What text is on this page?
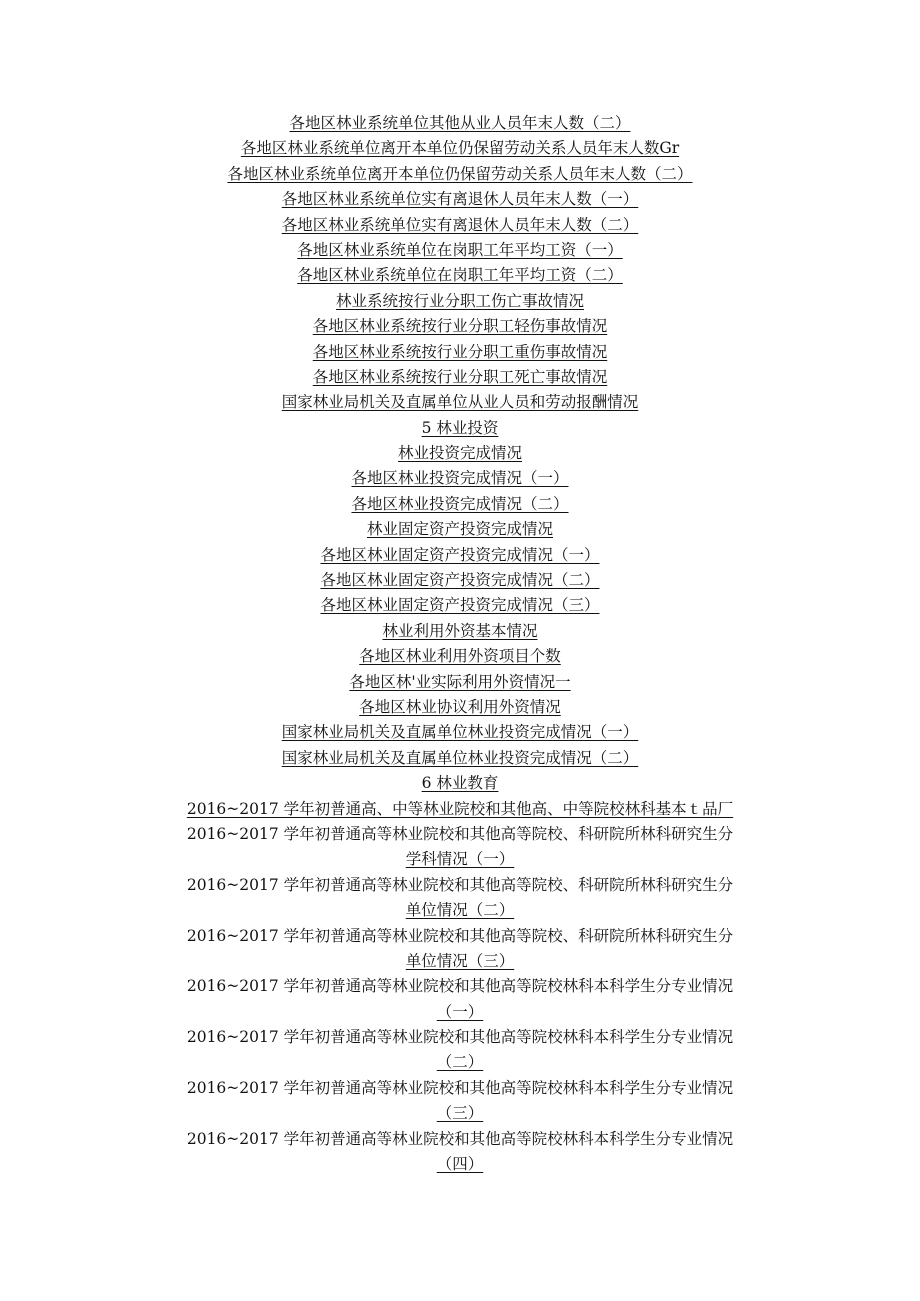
各地区林业系统单位其他从业人员年末人数（二）
各地区林业系统单位离开本单位仍保留劳动关系人员年末人数Gr
各地区林业系统单位离开本单位仍保留劳动关系人员年末人数（二）
各地区林业系统单位实有离退休人员年末人数（一）
各地区林业系统单位实有离退休人员年末人数（二）
各地区林业系统单位在岗职工年平均工资（一）
各地区林业系统单位在岗职工年平均工资（二）
林业系统按行业分职工伤亡事故情况
各地区林业系统按行业分职工轻伤事故情况
各地区林业系统按行业分职工重伤事故情况
各地区林业系统按行业分职工死亡事故情况
国家林业局机关及直属单位从业人员和劳动报酬情况
5 林业投资
林业投资完成情况
各地区林业投资完成情况（一）
各地区林业投资完成情况（二）
林业固定资产投资完成情况
各地区林业固定资产投资完成情况（一）
各地区林业固定资产投资完成情况（二）
各地区林业固定资产投资完成情况（三）
林业利用外资基本情况
各地区林业利用外资项目个数
各地区林'业实际利用外资情况一
各地区林业协议利用外资情况
国家林业局机关及直属单位林业投资完成情况（一）
国家林业局机关及直属单位林业投资完成情况（二）
6 林业教育
2016~2017 学年初普通高、中等林业院校和其他高、中等院校林科基本ｔ品厂
2016~2017 学年初普通高等林业院校和其他高等院校、科研院所林科研究生分
学科情况（一）
2016~2017 学年初普通高等林业院校和其他高等院校、科研院所林科研究生分
单位情况（二）
2016~2017 学年初普通高等林业院校和其他高等院校、科研院所林科研究生分
单位情况（三）
2016~2017 学年初普通高等林业院校和其他高等院校林科本科学生分专业情况
（一）
2016~2017 学年初普通高等林业院校和其他高等院校林科本科学生分专业情况
（二）
2016~2017 学年初普通高等林业院校和其他高等院校林科本科学生分专业情况
（三）
2016~2017 学年初普通高等林业院校和其他高等院校林科本科学生分专业情况
（四）
